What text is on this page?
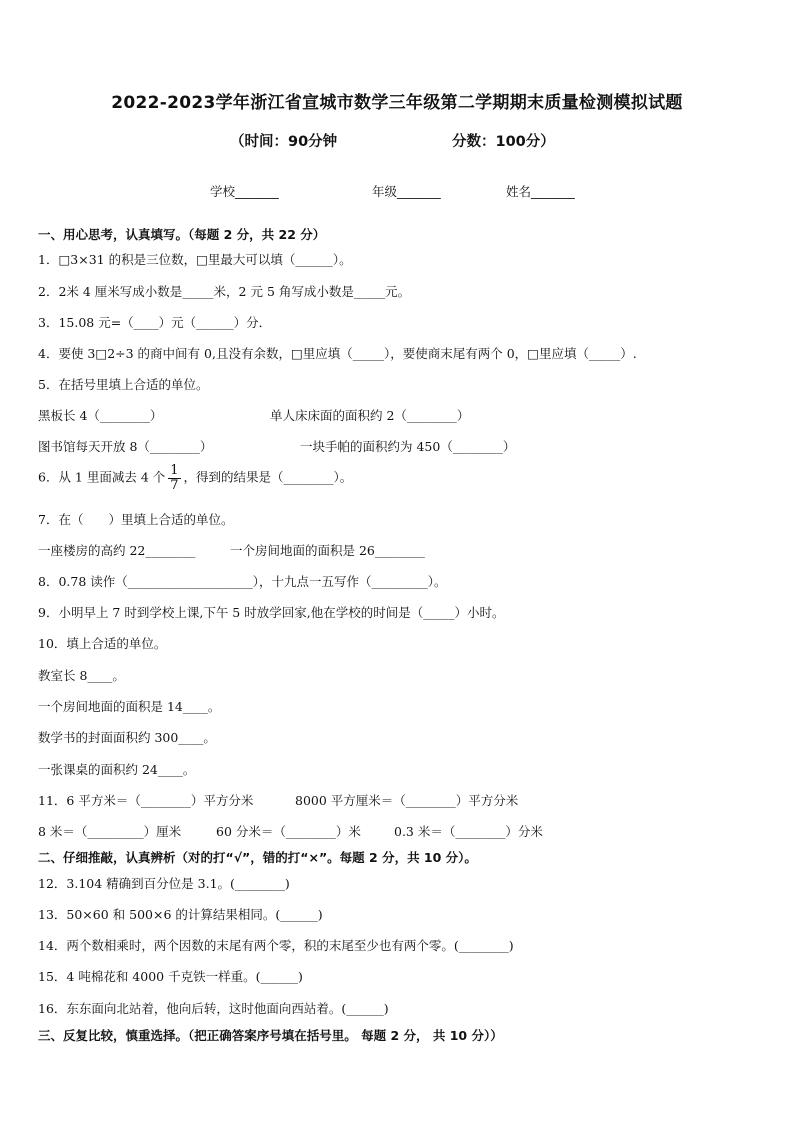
2022-2023学年浙江省宣城市数学三年级第二学期期末质量检测模拟试题
（时间：90分钟	分数：100分）
学校_______	年级_______	姓名_______
一、用心思考，认真填写。（每题 2 分，共 22 分）
1．□3×31 的积是三位数，□里最大可以填（______）。
2．2米 4 厘米写成小数是_____米，2 元 5 角写成小数是_____元。
3．15.08 元=（____）元（______）分．
4．要使 3□2÷3 的商中间有 0,且没有余数，□里应填（_____），要使商末尾有两个 0，□里应填（_____）.
5．在括号里填上合适的单位。
黑板长 4（________）	单人床床面的面积约 2（________）
图书馆每天开放 8（________）	一块手帕的面积约为 450（________）
6．从 1 里面减去 4 个 $\frac{1}{7}$ ，得到的结果是（________）。
7．在（　　）里填上合适的单位。
一座楼房的高约 22________	一个房间地面的面积是 26________
8．0.78 读作（____________________），十九点一五写作（_________）。
9．小明早上 7 时到学校上课,下午 5 时放学回家,他在学校的时间是（_____）小时。
10．填上合适的单位。
教室长 8____。
一个房间地面的面积是 14____。
数学书的封面面积约 300____。
一张课桌的面积约 24____。
11．6 平方米＝（________）平方分米	8000 平方厘米＝（________）平方分米
8 米＝（_________）厘米	60 分米＝（________）米	0.3 米＝（________）分米
二、仔细推敲，认真辨析（对的打“√”，错的打“×”。每题 2 分，共 10 分）。
12．3.104 精确到百分位是 3.1。(________)
13．50×60 和 500×6 的计算结果相同。(______)
14．两个数相乘时，两个因数的末尾有两个零，积的末尾至少也有两个零。(________)
15．4 吨棉花和 4000 千克铁一样重。(______)
16．东东面向北站着，他向后转，这时他面向西站着。(______)
三、反复比较，慎重选择。（把正确答案序号填在括号里。 每题 2 分， 共 10 分））
